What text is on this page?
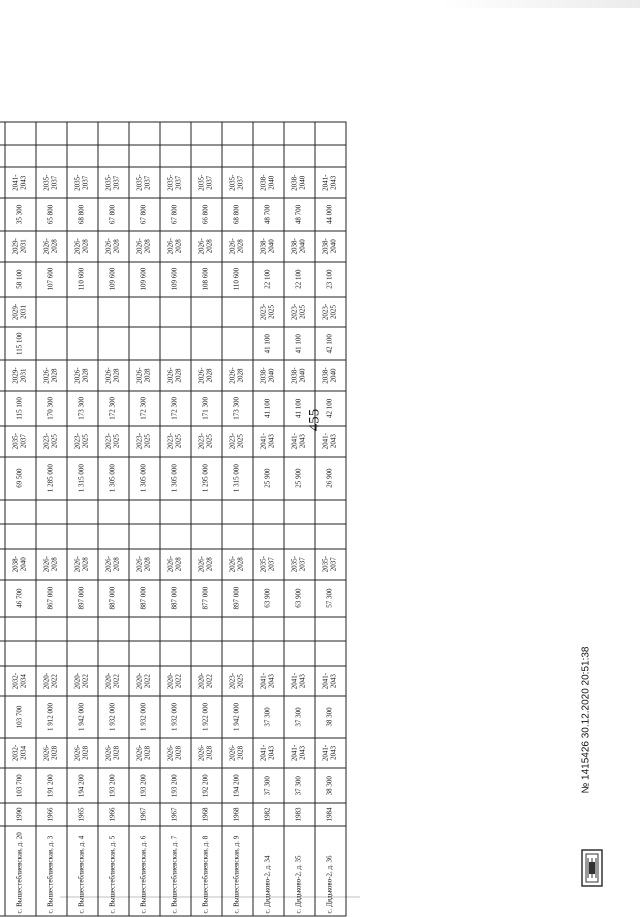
455

с. Вышестеблиевская, д. 20	1990	103 700	2032-2034	103 700	2032-2034			46 700	2038-2040			69 500	2035-2037	115 100	2029-2031	115 100	2029-2031	58 100	2029-2031	35 300	2041-2043		
с. Вышестеблиевская, д. 3	1966	191 200	2026-2028	1 912 000	2020-2022			867 000	2026-2028			1 285 000	2023-2025	170 300	2026-2028			107 600	2026-2028	65 800	2035-2037		
с. Вышестеблиевская, д. 4	1965	194 200	2026-2028	1 942 000	2020-2022			897 000	2026-2028			1 315 000	2023-2025	173 300	2026-2028			110 600	2026-2028	68 800	2035-2037		
с. Вышестеблиевская, д. 5	1966	193 200	2026-2028	1 932 000	2020-2022			887 000	2026-2028			1 305 000	2023-2025	172 300	2026-2028			109 600	2026-2028	67 800	2035-2037		
с. Вышестеблиевская, д. 6	1967	193 200	2026-2028	1 932 000	2020-2022			887 000	2026-2028			1 305 000	2023-2025	172 300	2026-2028			109 600	2026-2028	67 800	2035-2037		
с. Вышестеблиевская, д. 7	1967	193 200	2026-2028	1 932 000	2020-2022			887 000	2026-2028			1 305 000	2023-2025	172 300	2026-2028			109 600	2026-2028	67 800	2035-2037		
с. Вышестеблиевская, д. 8	1968	192 200	2026-2028	1 922 000	2020-2022			877 000	2026-2028			1 295 000	2023-2025	171 300	2026-2028			108 600	2026-2028	66 800	2035-2037		
с. Вышестеблиевская, д. 9	1968	194 200	2026-2028	1 942 000	2023-2025			897 000	2026-2028			1 315 000	2023-2025	173 300	2026-2028			110 600	2026-2028	68 800	2035-2037		
с. Дядьково-2, д. 34	1982	37 300	2041-2043	37 300	2041-2043			63 900	2035-2037			25 900	2041-2043	41 100	2038-2040	41 100	2023-2025	22 100	2038-2040	48 700	2038-2040		
с. Дядьково-2, д. 35	1983	37 300	2041-2043	37 300	2041-2043			63 900	2035-2037			25 900	2041-2043	41 100	2038-2040	41 100	2023-2025	22 100	2038-2040	48 700	2038-2040		
с. Дядьково-2, д. 36	1984	38 300	2041-2043	38 300	2041-2043			57 300	2035-2037			26 900	2041-2043	42 100	2038-2040	42 100	2023-2025	23 100	2038-2040	44 000	2041-2043		
№ 1415426 30.12.2020 20:51:38
